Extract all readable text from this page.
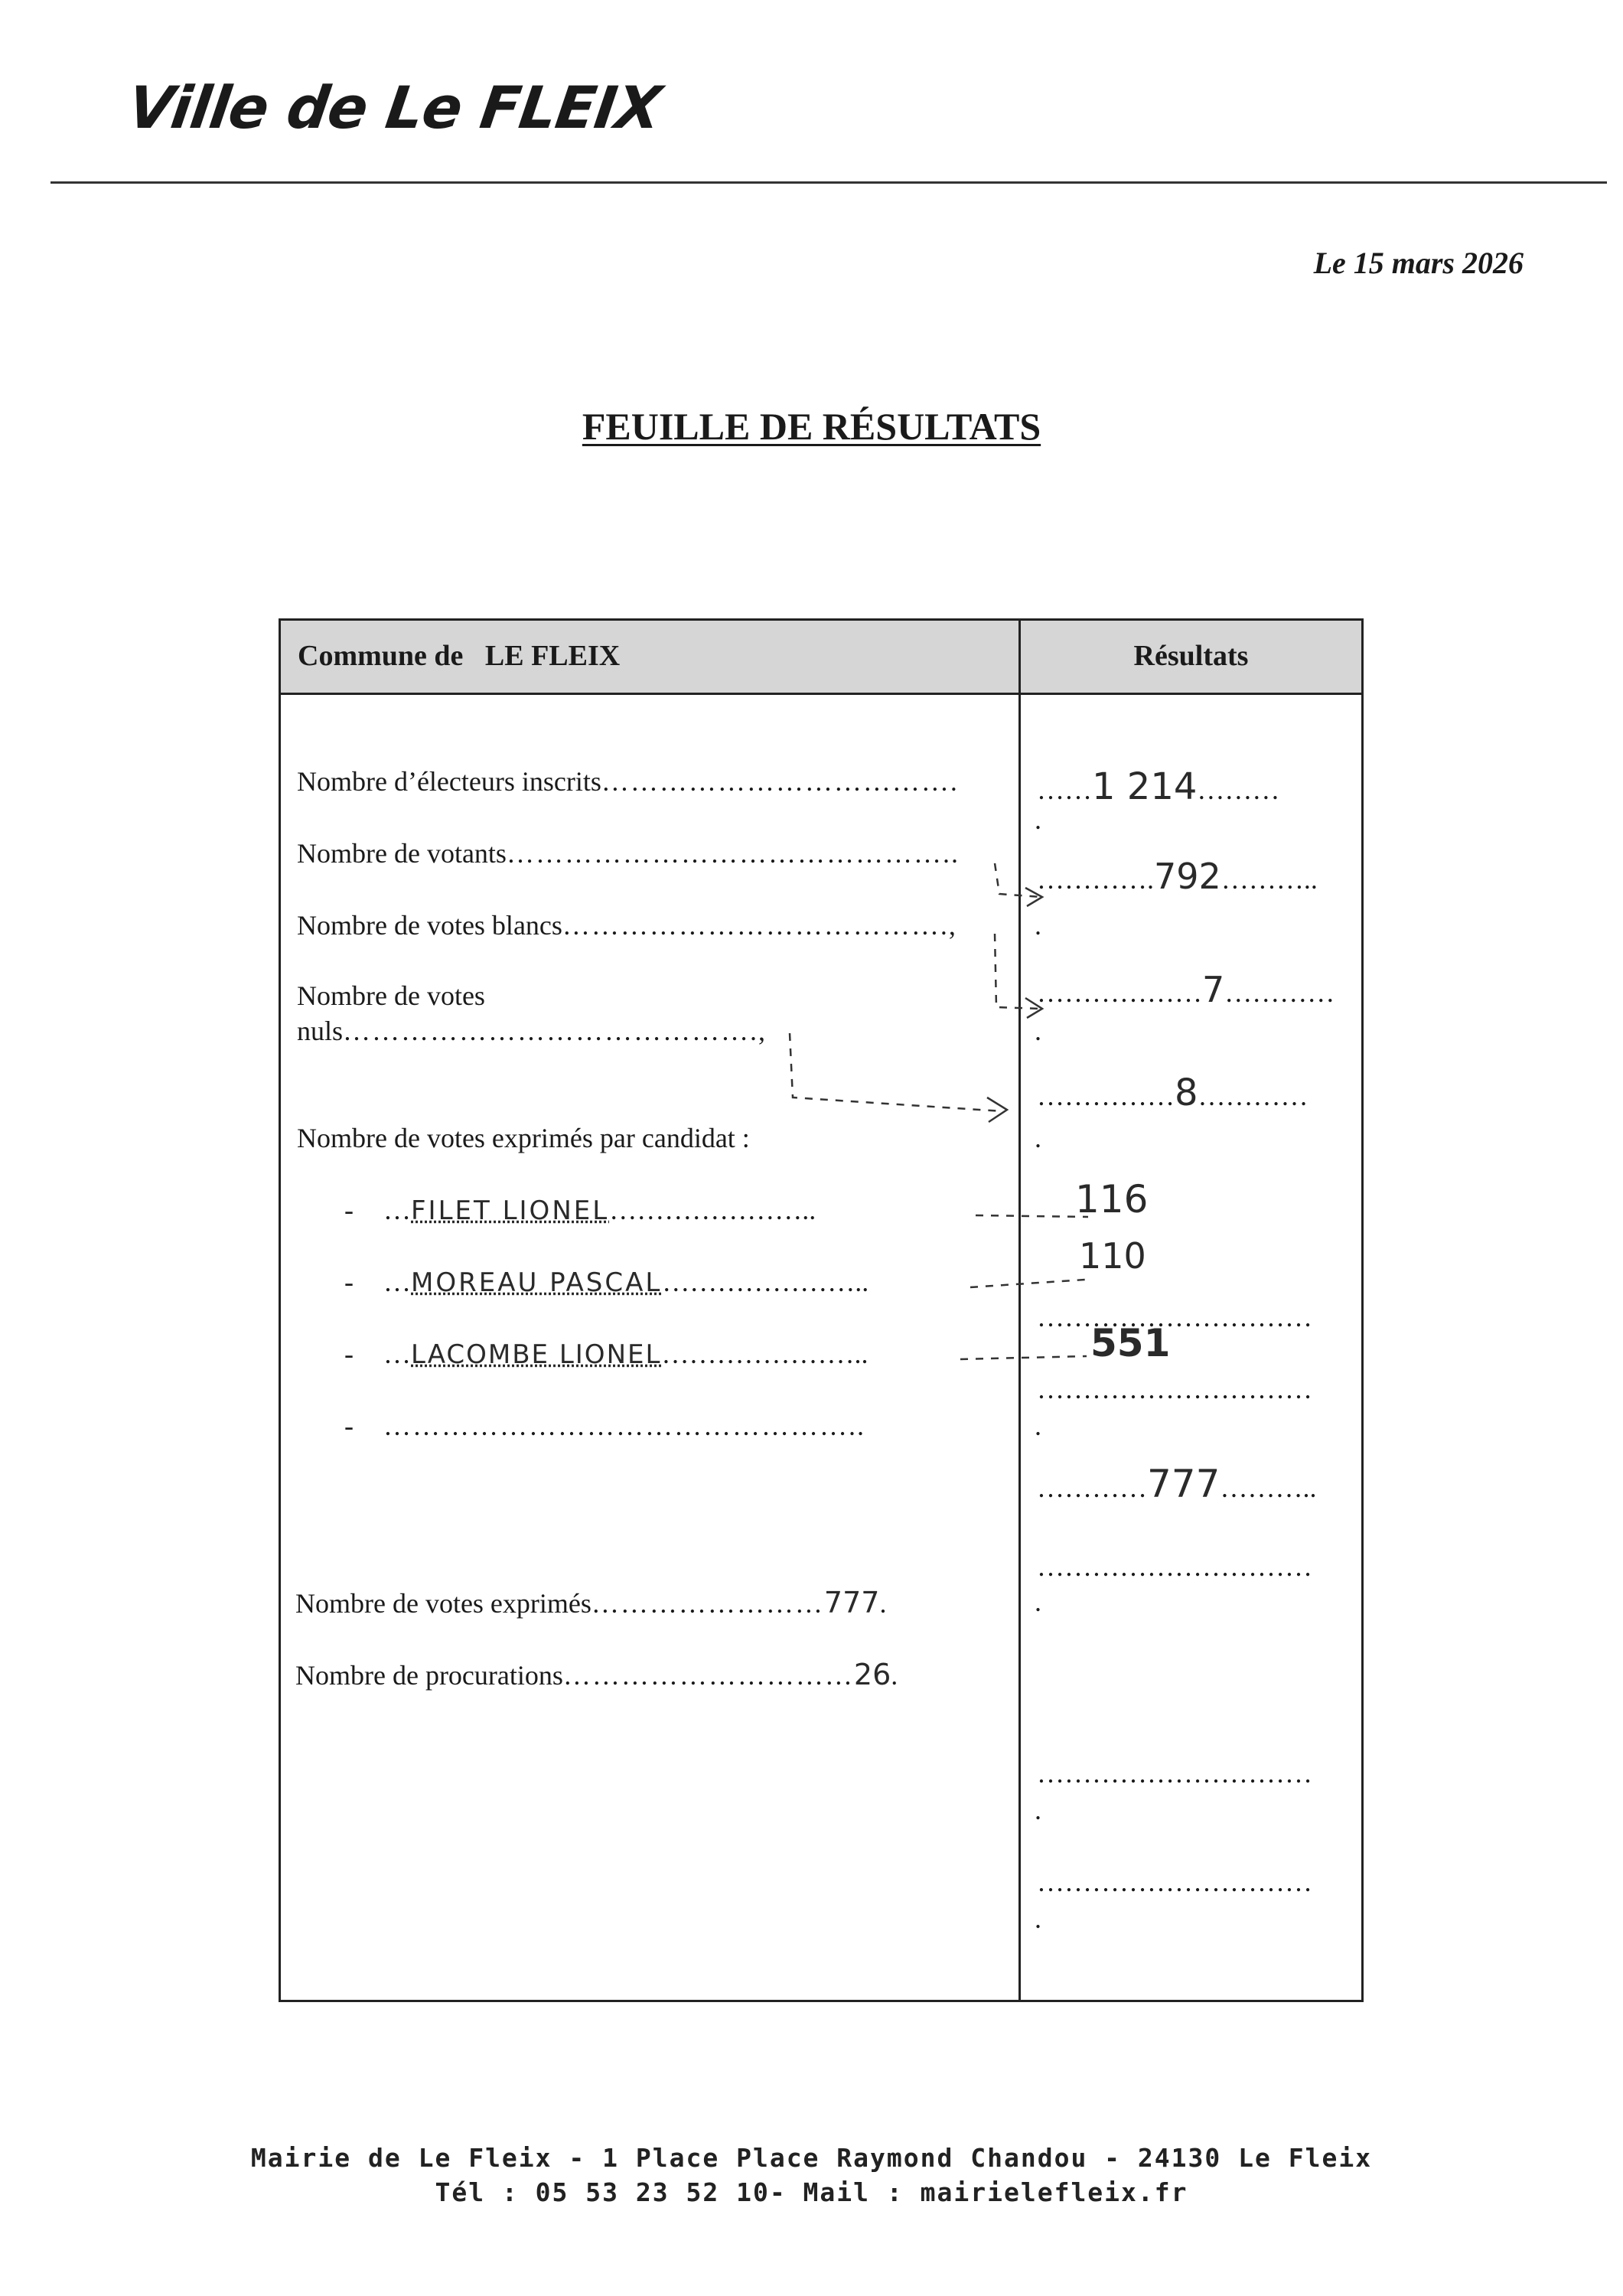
Ville de Le FLEIX
Le 15 mars 2026
FEUILLE DE RÉSULTATS
Commune de   LE FLEIX	Résultats
Nombre d’électeurs inscrits……………………………….
Nombre de votants………………………………………..
Nombre de votes blancs………………………………….,
Nombre de votes
nuls…………………………………….,
Nombre de votes exprimés par candidat :
- …FILET LIONEL…………………..
- …MOREAU PASCAL…………………..
- …LACOMBE LIONEL…………………..
- …………………………………………..
Nombre de votes exprimés……………………777.
Nombre de procurations…………………………26.
……1 214………
.
………….792………..
.
………………7…………
.
……………8…………
.
116
110
…………………………
551
…………………………
.
…………777………..
…………………………
.
…………………………
.
…………………………
.
Mairie de Le Fleix - 1 Place Place Raymond Chandou - 24130 Le Fleix
Tél : 05 53 23 52 10- Mail : mairielefleix.fr
